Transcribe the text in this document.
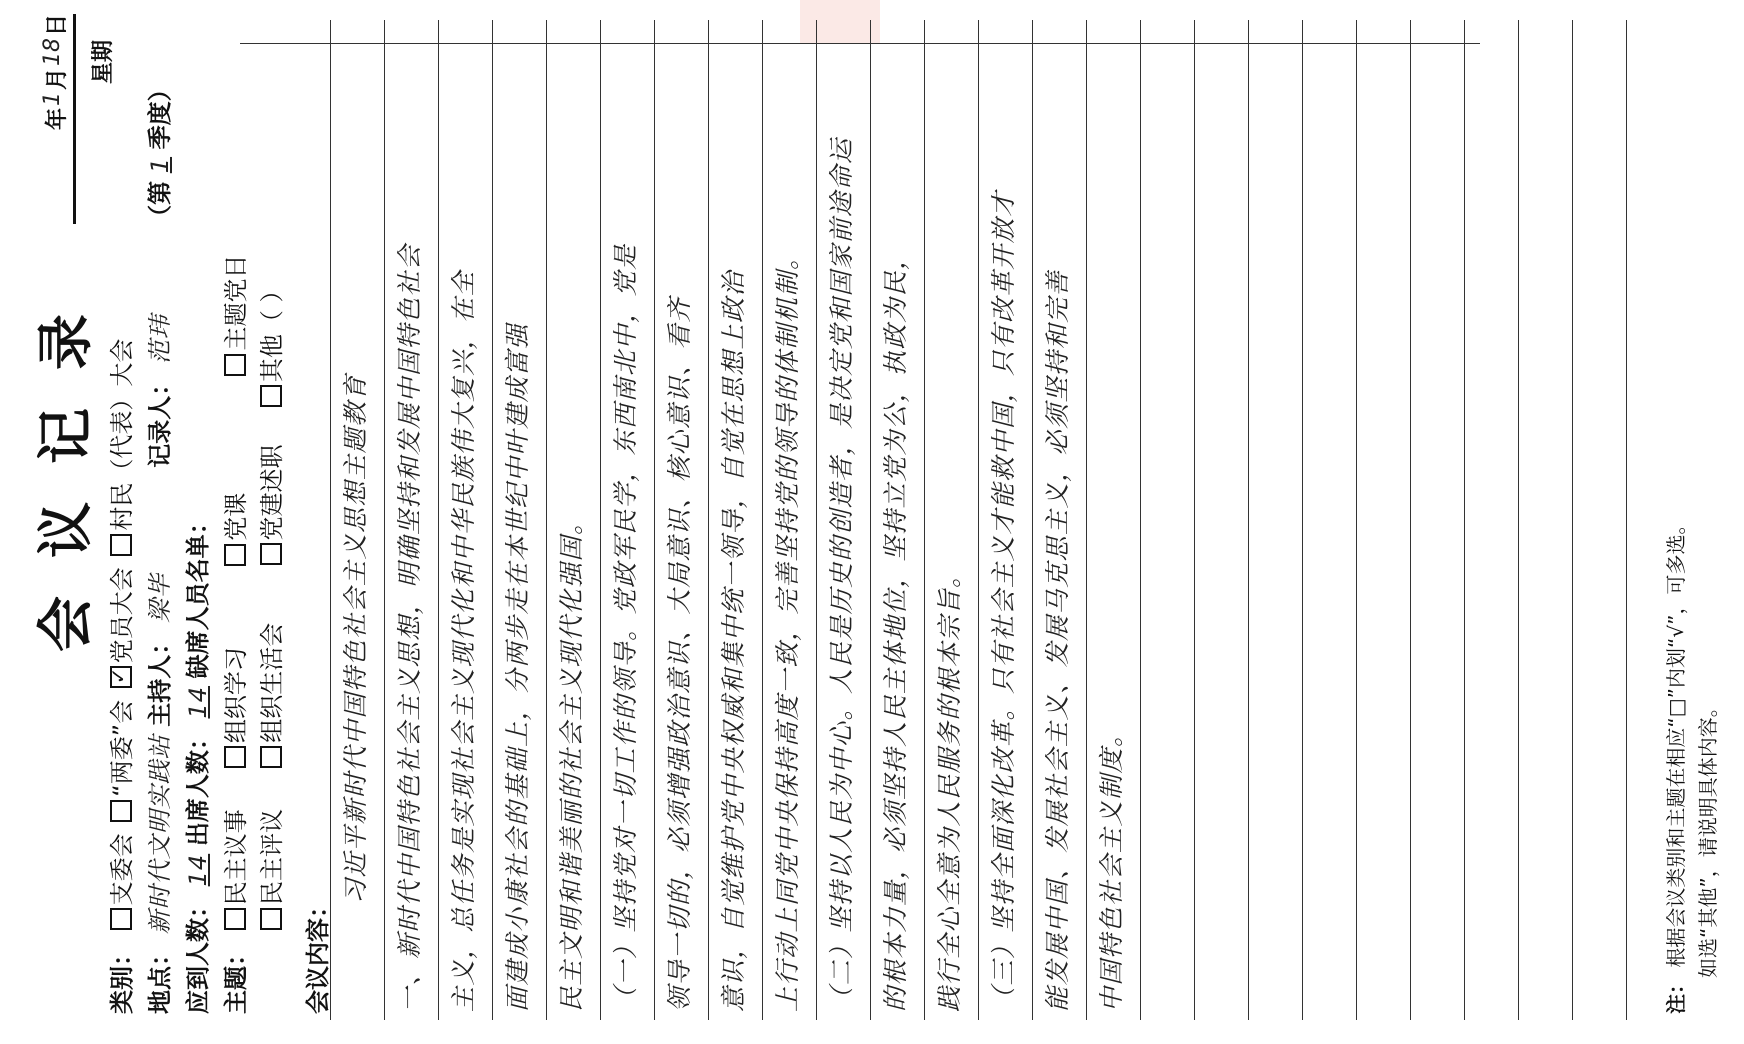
会议记录
年
1
月
18
日
星期
类别： 支委会 “两委”会 ✓党员大会 村民（代表）大会
地点： 新时代文明实践站 主持人： 梁毕  记录人： 范玮  （第 1 季度）
应到人数： 14 出席人数： 14 缺席人员名单：
主题： 民主议事  组织学习  党课  主题党日
民主评议  组织生活会  党建述职  其他（ ）
会议内容：
习近平新时代中国特色社会主义思想主题教育 一、新时代中国特色社会主义思想，明确坚持和发展中国特色社会 主义，总任务是实现社会主义现代化和中华民族伟大复兴，在全 面建成小康社会的基础上，分两步走在本世纪中叶建成富强 民主文明和谐美丽的社会主义现代化强国。 （一）坚持党对一切工作的领导。党政军民学，东西南北中，党是 领导一切的，必须增强政治意识、大局意识、核心意识、看齐 意识，自觉维护党中央权威和集中统一领导，自觉在思想上政治 上行动上同党中央保持高度一致，完善坚持党的领导的体制机制。 （二）坚持以人民为中心。人民是历史的创造者，是决定党和国家前途命运 的根本力量，必须坚持人民主体地位，坚持立党为公，执政为民， 践行全心全意为人民服务的根本宗旨。 （三）坚持全面深化改革。只有社会主义才能救中国，只有改革开放才 能发展中国、发展社会主义、发展马克思主义，必须坚持和完善 中国特色社会主义制度。	注： 根据会议类别和主题在相应“□”内划“√”，可多选。 如选“其他”，请说明具体内容。
